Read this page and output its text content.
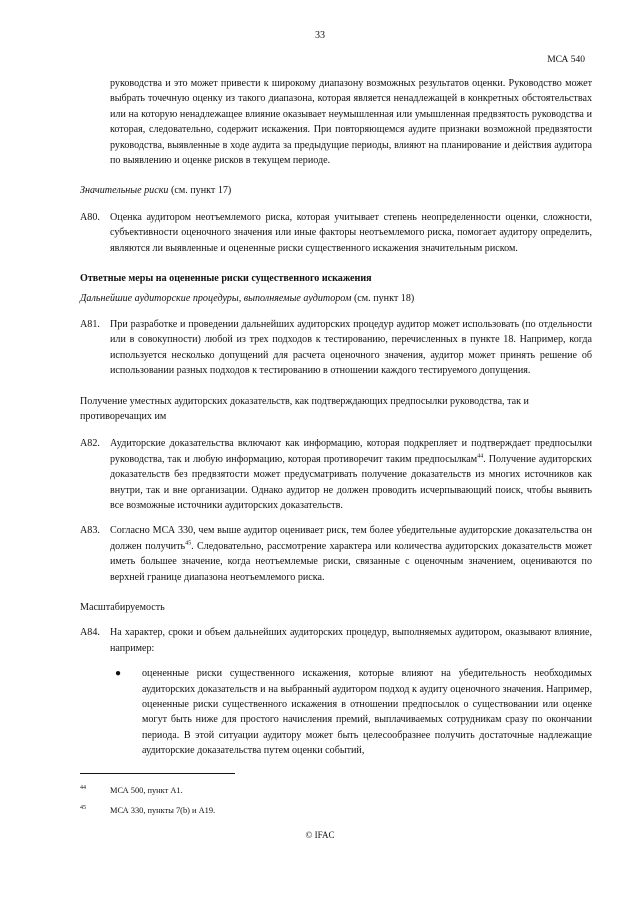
33
МСА 540

руководства и это может привести к широкому диапазону возможных результатов оценки. Руководство может выбрать точечную оценку из такого диапазона, которая является ненадлежащей в конкретных обстоятельствах или на которую ненадлежащее влияние оказывает неумышленная или умышленная предвзятость руководства и которая, следовательно, содержит искажения. При повторяющемся аудите признаки возможной предвзятости руководства, выявленные в ходе аудита за предыдущие периоды, влияют на планирование и действия аудитора по выявлению и оценке рисков в текущем периоде.

Значительные риски (см. пункт 17)

A80. Оценка аудитором неотъемлемого риска, которая учитывает степень неопределенности оценки, сложности, субъективности оценочного значения или иные факторы неотъемлемого риска, помогает аудитору определить, являются ли выявленные и оцененные риски существенного искажения значительным риском.

Ответные меры на оцененные риски существенного искажения

Дальнейшие аудиторские процедуры, выполняемые аудитором (см. пункт 18)

A81. При разработке и проведении дальнейших аудиторских процедур аудитор может использовать (по отдельности или в совокупности) любой из трех подходов к тестированию, перечисленных в пункте 18. Например, когда используется несколько допущений для расчета оценочного значения, аудитор может принять решение об использовании разных подходов к тестированию в отношении каждого тестируемого допущения.

Получение уместных аудиторских доказательств, как подтверждающих предпосылки руководства, так и противоречащих им

A82. Аудиторские доказательства включают как информацию, которая подкрепляет и подтверждает предпосылки руководства, так и любую информацию, которая противоречит таким предпосылкам$^{44}$. Получение аудиторских доказательств без предвзятости может предусматривать получение доказательств из многих источников как внутри, так и вне организации. Однако аудитор не должен проводить исчерпывающий поиск, чтобы выявить все возможные источники аудиторских доказательств.
A83. Согласно МСА 330, чем выше аудитор оценивает риск, тем более убедительные аудиторские доказательства он должен получить$^{45}$. Следовательно, рассмотрение характера или количества аудиторских доказательств может иметь большее значение, когда неотъемлемые риски, связанные с оценочным значением, оцениваются по верхней границе диапазона неотъемлемого риска.

Масштабируемость

A84. На характер, сроки и объем дальнейших аудиторских процедур, выполняемых аудитором, оказывают влияние, например:
● оцененные риски существенного искажения, которые влияют на убедительность необходимых аудиторских доказательств и на выбранный аудитором подход к аудиту оценочного значения. Например, оцененные риски существенного искажения в отношении предпосылок о существовании или оценке могут быть ниже для простого начисления премий, выплачиваемых сотрудникам сразу по окончании периода. В этой ситуации аудитору может быть целесообразнее получить достаточные надлежащие аудиторские доказательства путем оценки событий,
44	МСА 500, пункт A1.
45	МСА 330, пункты 7(b) и A19.
© IFAC
